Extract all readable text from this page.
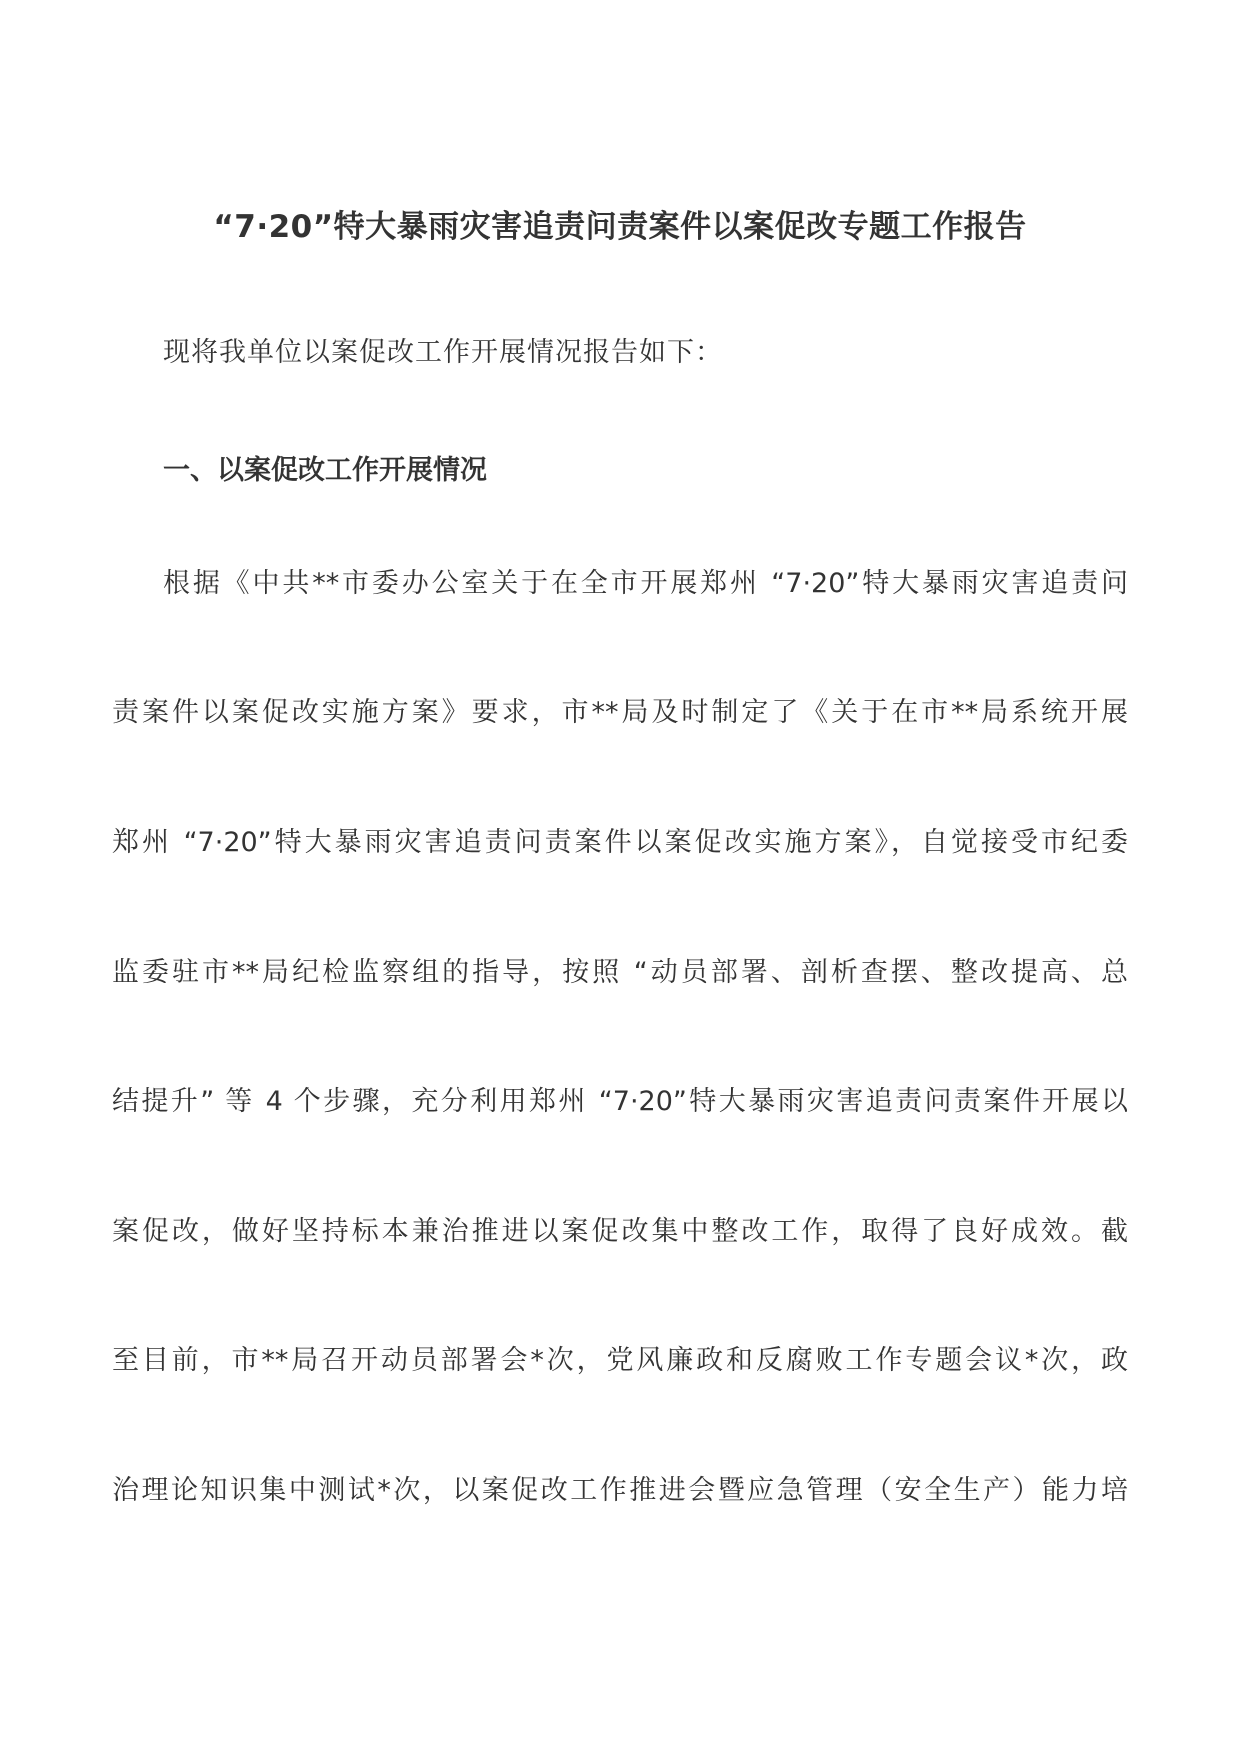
“7·20”特大暴雨灾害追责问责案件以案促改专题工作报告
现将我单位以案促改工作开展情况报告如下：
一、以案促改工作开展情况
根据《中共**市委办公室关于在全市开展郑州 “7·20”特大暴雨灾害追责问
责案件以案促改实施方案》要求，市**局及时制定了《关于在市**局系统开展
郑州 “7·20”特大暴雨灾害追责问责案件以案促改实施方案》，自觉接受市纪委
监委驻市**局纪检监察组的指导，按照 “动员部署、剖析查摆、整改提高、总
结提升” 等 4 个步骤，充分利用郑州 “7·20”特大暴雨灾害追责问责案件开展以
案促改，做好坚持标本兼治推进以案促改集中整改工作，取得了良好成效。截
至目前，市**局召开动员部署会*次，党风廉政和反腐败工作专题会议*次，政
治理论知识集中测试*次，以案促改工作推进会暨应急管理（安全生产）能力培
